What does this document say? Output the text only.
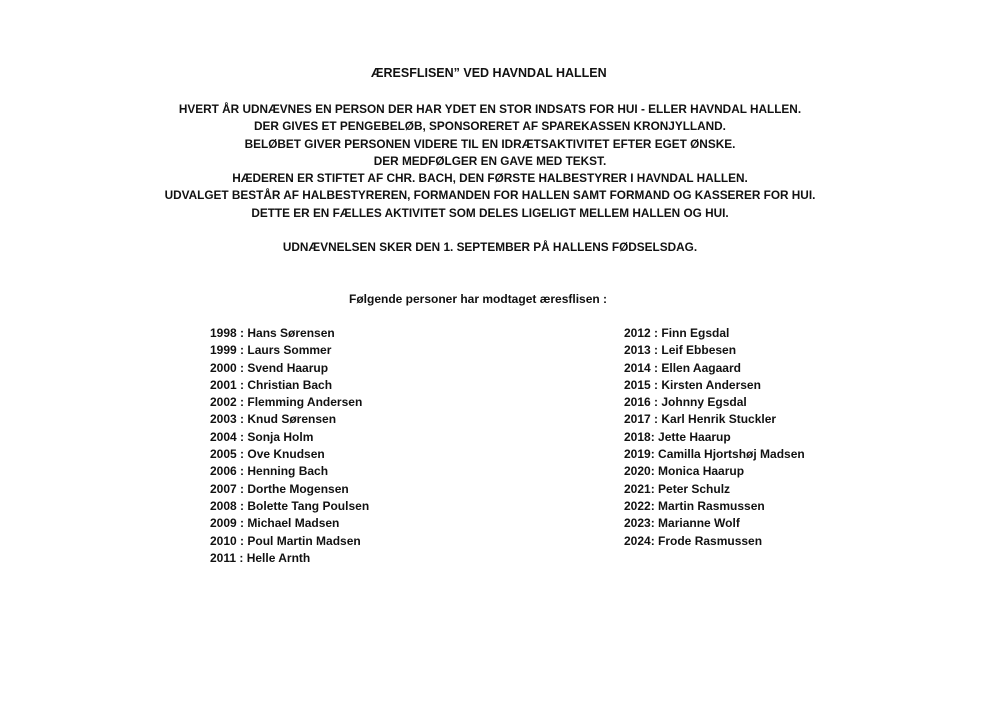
ÆRESFLISEN” VED HAVNDAL HALLEN
HVERT ÅR UDNÆVNES EN PERSON DER HAR YDET EN STOR INDSATS FOR HUI - ELLER HAVNDAL HALLEN.
DER GIVES ET PENGEBELØB, SPONSORERET AF SPAREKASSEN KRONJYLLAND.
BELØBET GIVER PERSONEN VIDERE TIL EN IDRÆTSAKTIVITET EFTER EGET ØNSKE.
DER MEDFØLGER EN GAVE MED TEKST.
HÆDEREN ER STIFTET AF CHR. BACH, DEN FØRSTE HALBESTYRER I HAVNDAL HALLEN.
UDVALGET BESTÅR AF HALBESTYREREN, FORMANDEN FOR HALLEN SAMT FORMAND OG KASSERER FOR HUI.
DETTE ER EN FÆLLES AKTIVITET SOM DELES LIGELIGT MELLEM HALLEN OG HUI.
UDNÆVNELSEN SKER DEN 1. SEPTEMBER PÅ HALLENS FØDSELSDAG.
Følgende personer har modtaget æresflisen :
1998 : Hans Sørensen
1999 : Laurs Sommer
2000 : Svend Haarup
2001 : Christian Bach
2002 : Flemming Andersen
2003 : Knud Sørensen
2004 : Sonja Holm
2005 : Ove Knudsen
2006 : Henning Bach
2007 : Dorthe Mogensen
2008 : Bolette Tang Poulsen
2009 : Michael Madsen
2010 : Poul Martin Madsen
2011 : Helle Arnth
2012 : Finn Egsdal
2013 : Leif Ebbesen
2014 : Ellen Aagaard
2015 : Kirsten Andersen
2016 : Johnny Egsdal
2017 : Karl Henrik Stuckler
2018: Jette Haarup
2019: Camilla Hjortshøj Madsen
2020: Monica Haarup
2021: Peter Schulz
2022: Martin Rasmussen
2023: Marianne Wolf
2024: Frode Rasmussen
